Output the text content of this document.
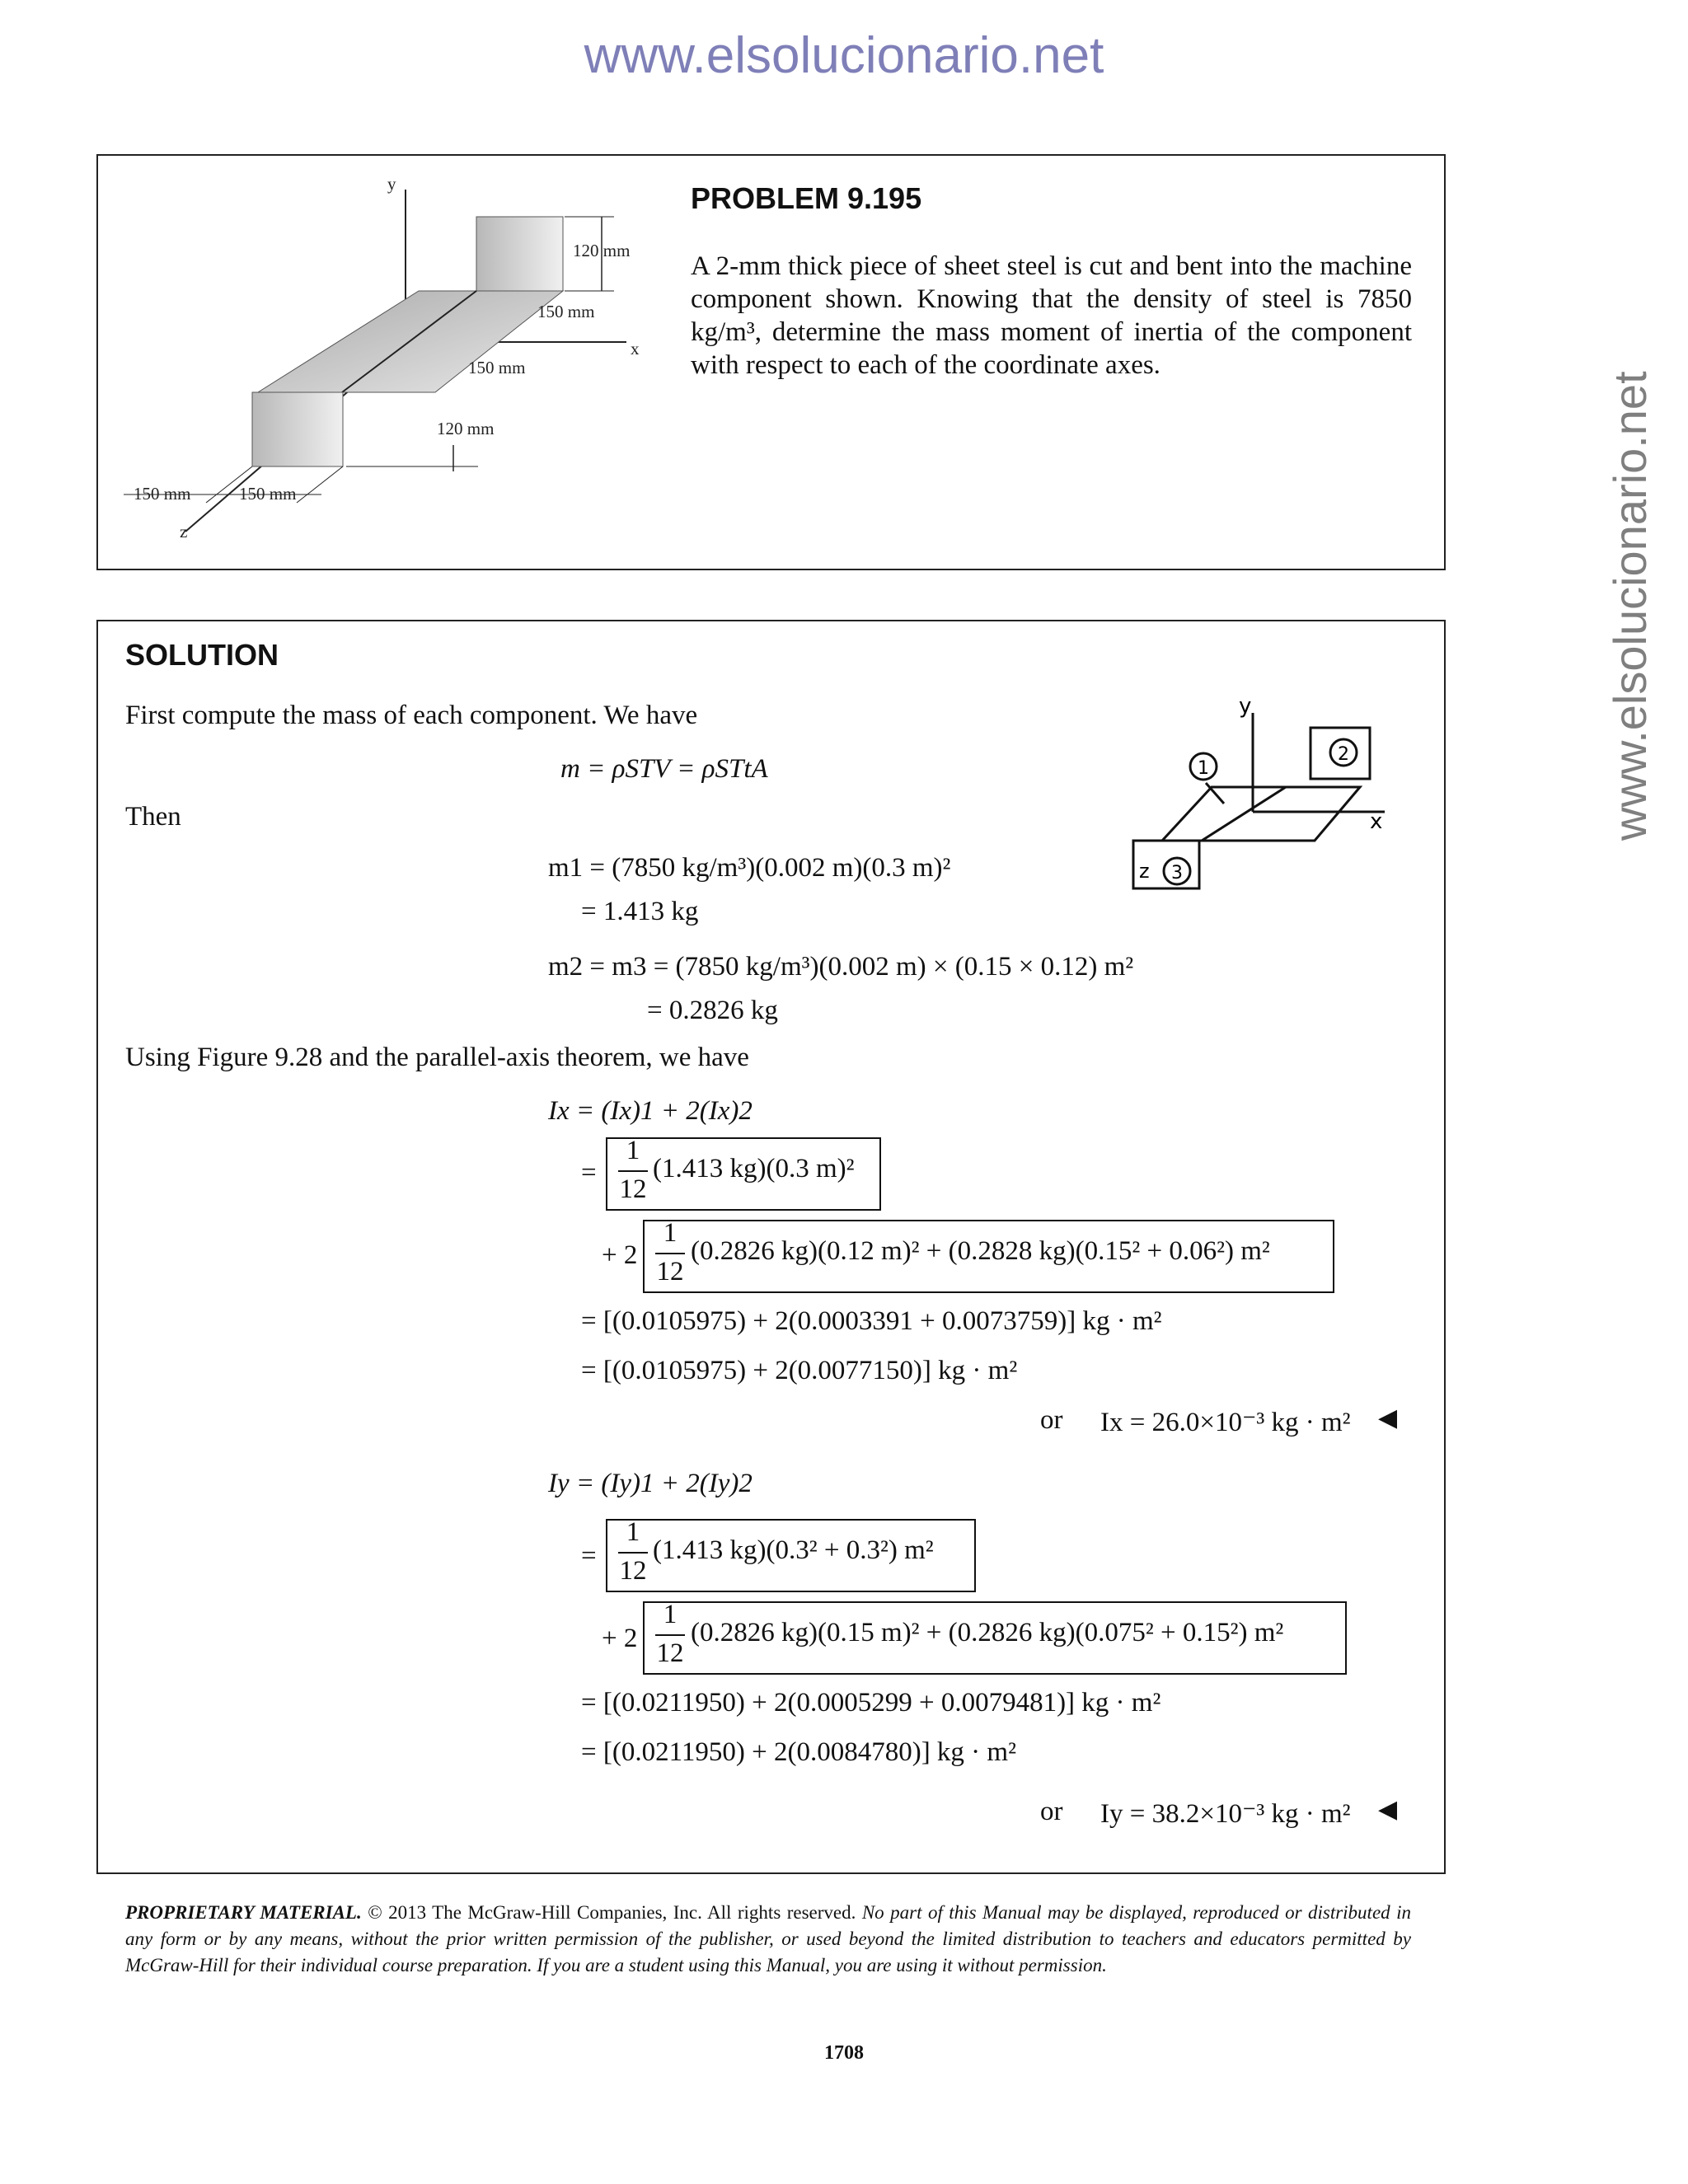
www.elsolucionario.net
www.elsolucionario.net
y
x
z
120 mm
150 mm
150 mm
120 mm
150 mm	150 mm
PROBLEM 9.195
A 2-mm thick piece of sheet steel is cut and bent into the machine component shown. Knowing that the density of steel is 7850 kg/m³, determine the mass moment of inertia of the component with respect to each of the coordinate axes.
SOLUTION
First compute the mass of each component. We have
m = ρSTV = ρSTtA
Then
y
x
z
1
2
3
m1 = (7850 kg/m³)(0.002 m)(0.3 m)²
= 1.413 kg
m2 = m3 = (7850 kg/m³)(0.002 m) × (0.15 × 0.12) m²
= 0.2826 kg
Using Figure 9.28 and the parallel-axis theorem, we have
Ix = (Ix)1 + 2(Ix)2
=
1
12
(1.413 kg)(0.3 m)²
+ 2
1
12
(0.2826 kg)(0.12 m)² + (0.2828 kg)(0.15² + 0.06²) m²
= [(0.0105975) + 2(0.0003391 + 0.0073759)] kg · m²
= [(0.0105975) + 2(0.0077150)] kg · m²
or Ix = 26.0×10⁻³ kg · m² ◀
Iy = (Iy)1 + 2(Iy)2
=
1
12
(1.413 kg)(0.3² + 0.3²) m²
+ 2
1
12
(0.2826 kg)(0.15 m)² + (0.2826 kg)(0.075² + 0.15²) m²
= [(0.0211950) + 2(0.0005299 + 0.0079481)] kg · m²
= [(0.0211950) + 2(0.0084780)] kg · m²
or Iy = 38.2×10⁻³ kg · m² ◀
PROPRIETARY MATERIAL. © 2013 The McGraw-Hill Companies, Inc. All rights reserved. No part of this Manual may be displayed, reproduced or distributed in any form or by any means, without the prior written permission of the publisher, or used beyond the limited distribution to teachers and educators permitted by McGraw-Hill for their individual course preparation. If you are a student using this Manual, you are using it without permission.
1708
